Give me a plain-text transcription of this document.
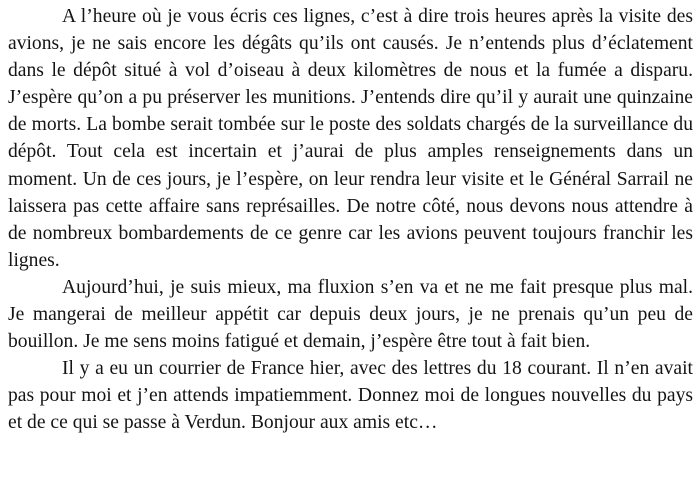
A l’heure où je vous écris ces lignes, c’est à dire trois heures après la visite des avions, je ne sais encore les dégâts qu’ils ont causés. Je n’entends plus d’éclatement dans le dépôt situé à vol d’oiseau à deux kilomètres de nous et la fumée a disparu. J’espère qu’on a pu préserver les munitions. J’entends dire qu’il y aurait une quinzaine de morts. La bombe serait tombée sur le poste des soldats chargés de la surveillance du dépôt. Tout cela est incertain et j’aurai de plus amples renseignements dans un moment. Un de ces jours, je l’espère, on leur rendra leur visite et le Général Sarrail ne laissera pas cette affaire sans représailles. De notre côté, nous devons nous attendre à de nombreux bombardements de ce genre car les avions peuvent toujours franchir les lignes.

Aujourd’hui, je suis mieux, ma fluxion s’en va et ne me fait presque plus mal. Je mangerai de meilleur appétit car depuis deux jours, je ne prenais qu’un peu de bouillon. Je me sens moins fatigué et demain, j’espère être tout à fait bien.

Il y a eu un courrier de France hier, avec des lettres du 18 courant. Il n’en avait pas pour moi et j’en attends impatiemment. Donnez moi de longues nouvelles du pays et de ce qui se passe à Verdun. Bonjour aux amis etc…
